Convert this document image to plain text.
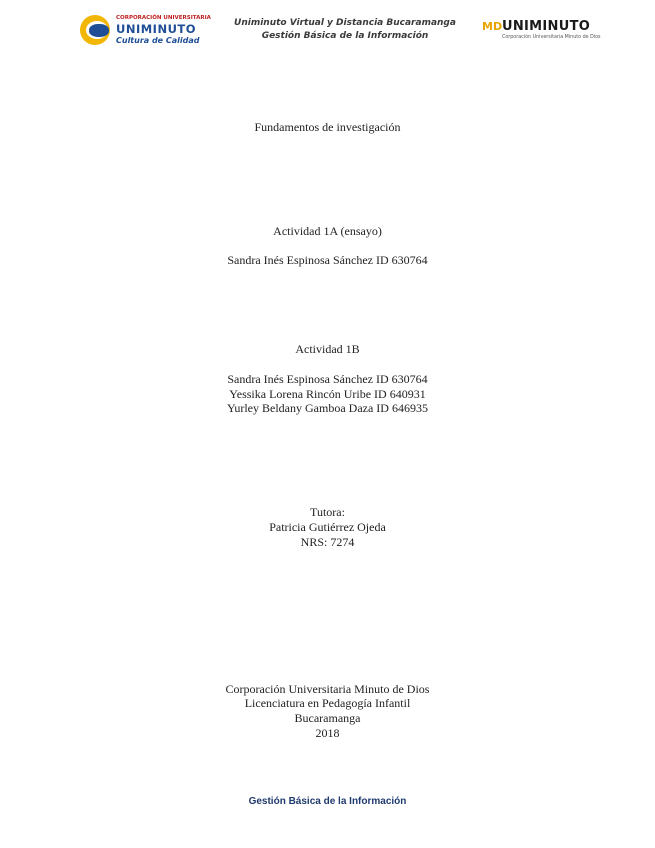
CORPORACIÓN UNIVERSITARIA
UNIMINUTO
Cultura de Calidad
Uniminuto Virtual y Distancia Bucaramanga
Gestión Básica de la Información
MD UNIMINUTO
Corporación Universitaria Minuto de Dios
Fundamentos de investigación
Actividad 1A (ensayo)
Sandra Inés Espinosa Sánchez ID 630764
Actividad 1B
Sandra Inés Espinosa Sánchez ID 630764
Yessika Lorena Rincón Uribe ID 640931
Yurley Beldany Gamboa Daza ID 646935
Tutora:
Patricia Gutiérrez Ojeda
NRS: 7274
Corporación Universitaria Minuto de Dios
Licenciatura en Pedagogía Infantil
Bucaramanga
2018
Gestión Básica de la Información
